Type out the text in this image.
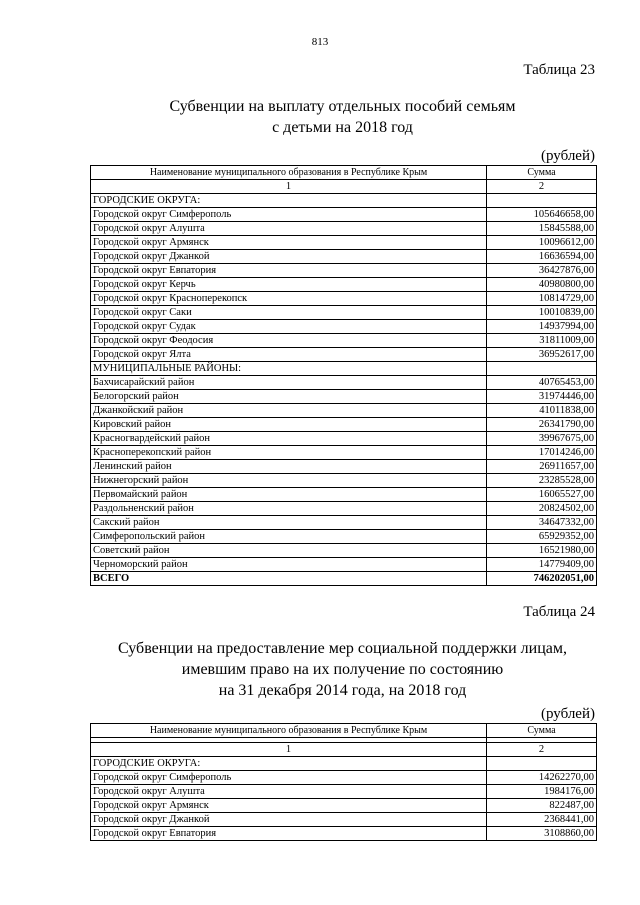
813
Таблица 23
Субвенции на выплату отдельных пособий семьям
с детьми на 2018 год
(рублей)
Наименование муниципального образования в Республике Крым	Сумма
1	2
ГОРОДСКИЕ ОКРУГА:	
Городской округ Симферополь	105646658,00
Городской округ Алушта	15845588,00
Городской округ Армянск	10096612,00
Городской округ Джанкой	16636594,00
Городской округ Евпатория	36427876,00
Городской округ Керчь	40980800,00
Городской округ Красноперекопск	10814729,00
Городской округ Саки	10010839,00
Городской округ Судак	14937994,00
Городской округ Феодосия	31811009,00
Городской округ Ялта	36952617,00
МУНИЦИПАЛЬНЫЕ РАЙОНЫ:	
Бахчисарайский район	40765453,00
Белогорский район	31974446,00
Джанкойский район	41011838,00
Кировский район	26341790,00
Красногвардейский район	39967675,00
Красноперекопский район	17014246,00
Ленинский район	26911657,00
Нижнегорский район	23285528,00
Первомайский район	16065527,00
Раздольненский район	20824502,00
Сакский район	34647332,00
Симферопольский район	65929352,00
Советский район	16521980,00
Черноморский район	14779409,00
ВСЕГО	746202051,00
Таблица 24
Субвенции на предоставление мер социальной поддержки лицам,
имевшим право на их получение по состоянию
на 31 декабря 2014 года, на 2018 год
(рублей)
Наименование муниципального образования в Республике Крым	Сумма

1	2
ГОРОДСКИЕ ОКРУГА:	
Городской округ Симферополь	14262270,00
Городской округ Алушта	1984176,00
Городской округ Армянск	822487,00
Городской округ Джанкой	2368441,00
Городской округ Евпатория	3108860,00
